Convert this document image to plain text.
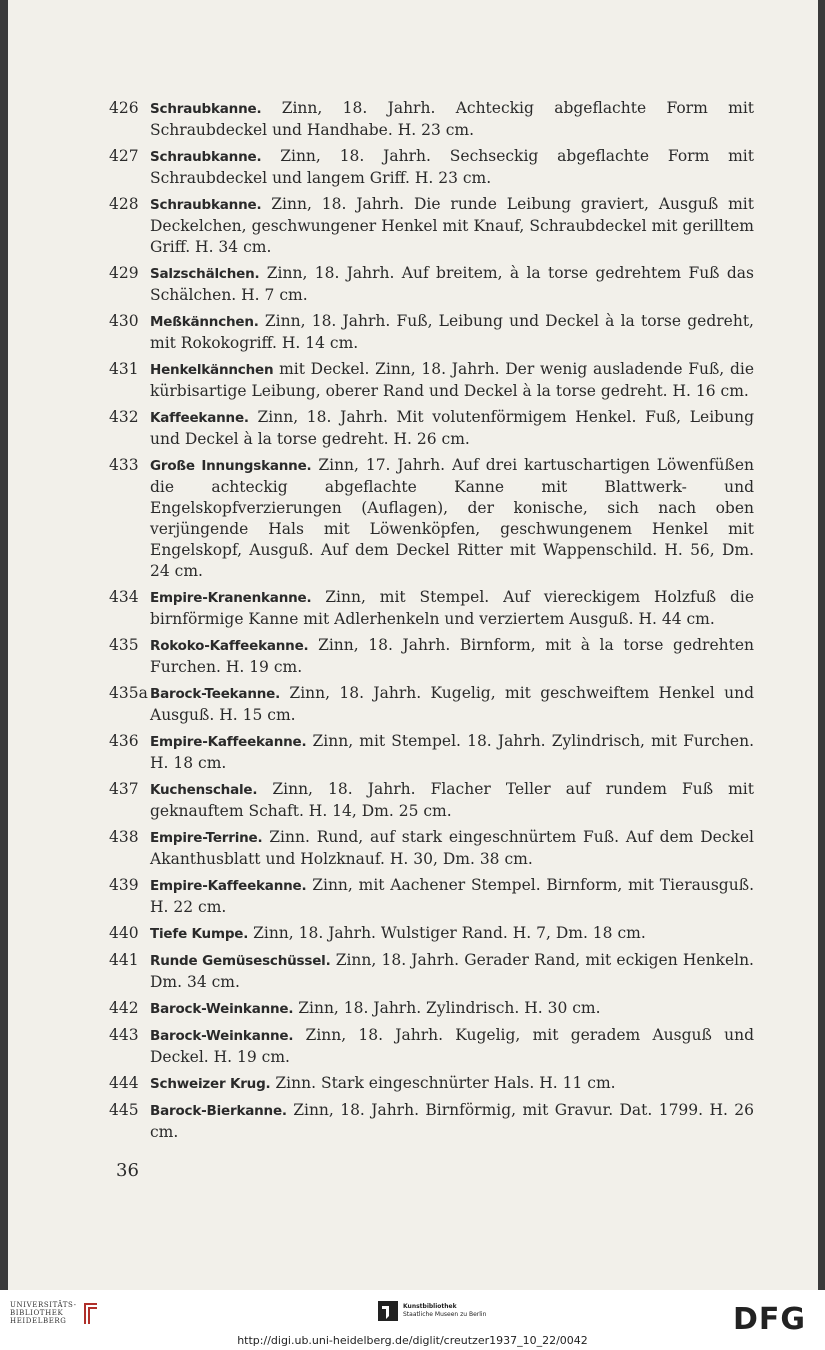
426 Schraubkanne. Zinn, 18. Jahrh. Achteckig abgeflachte Form mit Schraubdeckel und Handhabe. H. 23 cm.
427 Schraubkanne. Zinn, 18. Jahrh. Sechseckig abgeflachte Form mit Schraubdeckel und langem Griff. H. 23 cm.
428 Schraubkanne. Zinn, 18. Jahrh. Die runde Leibung graviert, Ausguß mit Deckelchen, geschwungener Henkel mit Knauf, Schraubdeckel mit gerilltem Griff. H. 34 cm.
429 Salzschälchen. Zinn, 18. Jahrh. Auf breitem, à la torse gedrehtem Fuß das Schälchen. H. 7 cm.
430 Meßkännchen. Zinn, 18. Jahrh. Fuß, Leibung und Deckel à la torse gedreht, mit Rokokogriff. H. 14 cm.
431 Henkelkännchen mit Deckel. Zinn, 18. Jahrh. Der wenig ausladende Fuß, die kürbisartige Leibung, oberer Rand und Deckel à la torse gedreht. H. 16 cm.
432 Kaffeekanne. Zinn, 18. Jahrh. Mit volutenförmigem Henkel. Fuß, Leibung und Deckel à la torse gedreht. H. 26 cm.
433 Große Innungskanne. Zinn, 17. Jahrh. Auf drei kartuschartigen Löwenfüßen die achteckig abgeflachte Kanne mit Blattwerk- und Engelskopfverzierungen (Auflagen), der konische, sich nach oben verjüngende Hals mit Löwenköpfen, geschwungenem Henkel mit Engelskopf, Ausguß. Auf dem Deckel Ritter mit Wappenschild. H. 56, Dm. 24 cm.
434 Empire-Kranenkanne. Zinn, mit Stempel. Auf viereckigem Holzfuß die birnförmige Kanne mit Adlerhenkeln und verziertem Ausguß. H. 44 cm.
435 Rokoko-Kaffeekanne. Zinn, 18. Jahrh. Birnform, mit à la torse gedrehten Furchen. H. 19 cm.
435a Barock-Teekanne. Zinn, 18. Jahrh. Kugelig, mit geschweiftem Henkel und Ausguß. H. 15 cm.
436 Empire-Kaffeekanne. Zinn, mit Stempel. 18. Jahrh. Zylindrisch, mit Furchen. H. 18 cm.
437 Kuchenschale. Zinn, 18. Jahrh. Flacher Teller auf rundem Fuß mit geknauftem Schaft. H. 14, Dm. 25 cm.
438 Empire-Terrine. Zinn. Rund, auf stark eingeschnürtem Fuß. Auf dem Deckel Akanthusblatt und Holzknauf. H. 30, Dm. 38 cm.
439 Empire-Kaffeekanne. Zinn, mit Aachener Stempel. Birnform, mit Tierausguß. H. 22 cm.
440 Tiefe Kumpe. Zinn, 18. Jahrh. Wulstiger Rand. H. 7, Dm. 18 cm.
441 Runde Gemüseschüssel. Zinn, 18. Jahrh. Gerader Rand, mit eckigen Henkeln. Dm. 34 cm.
442 Barock-Weinkanne. Zinn, 18. Jahrh. Zylindrisch. H. 30 cm.
443 Barock-Weinkanne. Zinn, 18. Jahrh. Kugelig, mit geradem Ausguß und Deckel. H. 19 cm.
444 Schweizer Krug. Zinn. Stark eingeschnürter Hals. H. 11 cm.
445 Barock-Bierkanne. Zinn, 18. Jahrh. Birnförmig, mit Gravur. Dat. 1799. H. 26 cm.
36
UNIVERSITÄTS-
BIBLIOTHEK
HEIDELBERG
Kunstbibliothek
Staatliche Museen zu Berlin	DFG
http://digi.ub.uni-heidelberg.de/diglit/creutzer1937_10_22/0042
